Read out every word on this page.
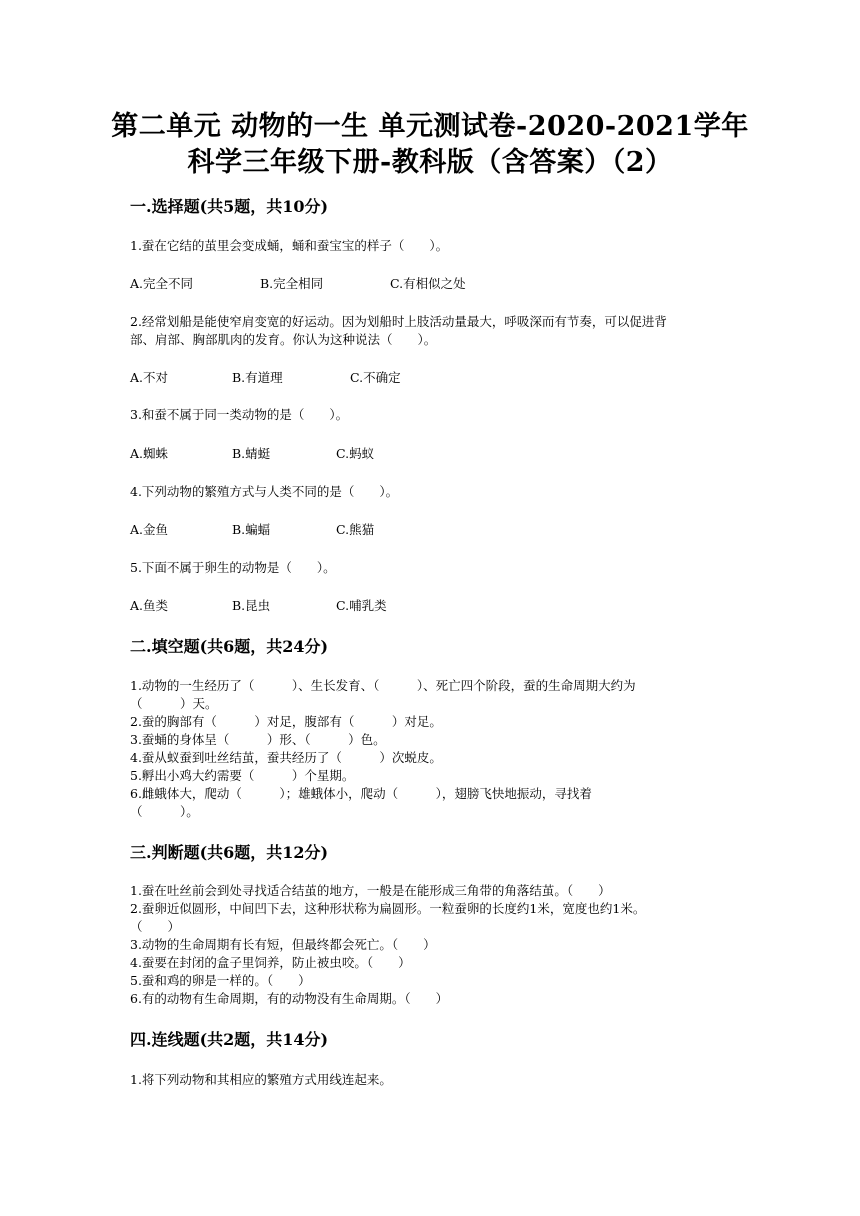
第二单元 动物的一生 单元测试卷-2020-2021学年
科学三年级下册-教科版（含答案）（2）
一.选择题(共5题，共10分)
1.蚕在它结的茧里会变成蛹，蛹和蚕宝宝的样子（　　）。
A.完全不同	B.完全相同	C.有相似之处
2.经常划船是能使窄肩变宽的好运动。因为划船时上肢活动量最大，呼吸深而有节奏，可以促进背
部、肩部、胸部肌肉的发育。你认为这种说法（　　）。
A.不对	B.有道理	C.不确定
3.和蚕不属于同一类动物的是（　　）。
A.蜘蛛	B.蜻蜓	C.蚂蚁
4.下列动物的繁殖方式与人类不同的是（　　）。
A.金鱼	B.蝙蝠	C.熊猫
5.下面不属于卵生的动物是（　　）。
A.鱼类	B.昆虫	C.哺乳类
二.填空题(共6题，共24分)
1.动物的一生经历了（　　　）、生长发育、（　　　）、死亡四个阶段，蚕的生命周期大约为
（　　　）天。
2.蚕的胸部有（　　　）对足，腹部有（　　　）对足。
3.蚕蛹的身体呈（　　　）形、（　　　）色。
4.蚕从蚁蚕到吐丝结茧，蚕共经历了（　　　）次蜕皮。
5.孵出小鸡大约需要（　　　）个星期。
6.雌蛾体大，爬动（　　　）；雄蛾体小，爬动（　　　），翅膀飞快地振动，寻找着
（　　　）。
三.判断题(共6题，共12分)
1.蚕在吐丝前会到处寻找适合结茧的地方，一般是在能形成三角带的角落结茧。（　　）
2.蚕卵近似圆形，中间凹下去，这种形状称为扁圆形。一粒蚕卵的长度约1米，宽度也约1米。
（　　）
3.动物的生命周期有长有短，但最终都会死亡。（　　）
4.蚕要在封闭的盒子里饲养，防止被虫咬。（　　）
5.蚕和鸡的卵是一样的。（　　）
6.有的动物有生命周期，有的动物没有生命周期。（　　）
四.连线题(共2题，共14分)
1.将下列动物和其相应的繁殖方式用线连起来。
